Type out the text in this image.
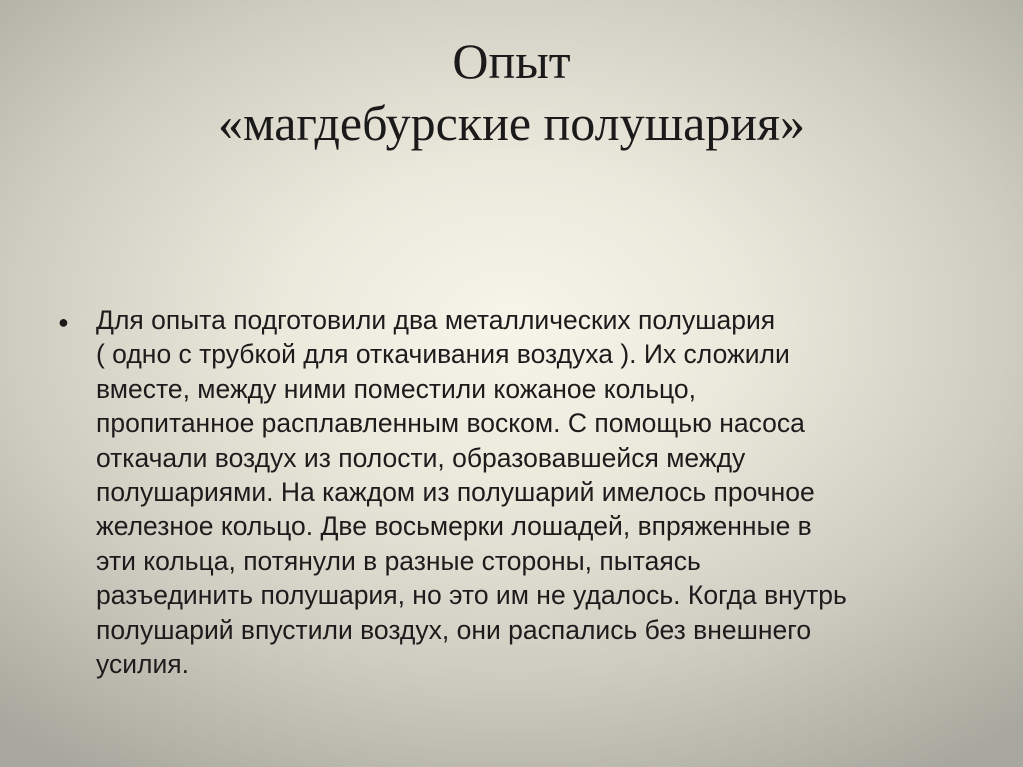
Опыт
«магдебурские полушария»
● Для опыта подготовили два металлических полушария
( одно с трубкой для откачивания воздуха ). Их сложили
вместе, между ними поместили кожаное кольцо,
пропитанное расплавленным воском. С помощью насоса
откачали воздух из полости, образовавшейся между
полушариями. На каждом из полушарий имелось прочное
железное кольцо. Две восьмерки лошадей, впряженные в
эти кольца, потянули в разные стороны, пытаясь
разъединить полушария, но это им не удалось. Когда внутрь
полушарий впустили воздух, они распались без внешнего
усилия.
